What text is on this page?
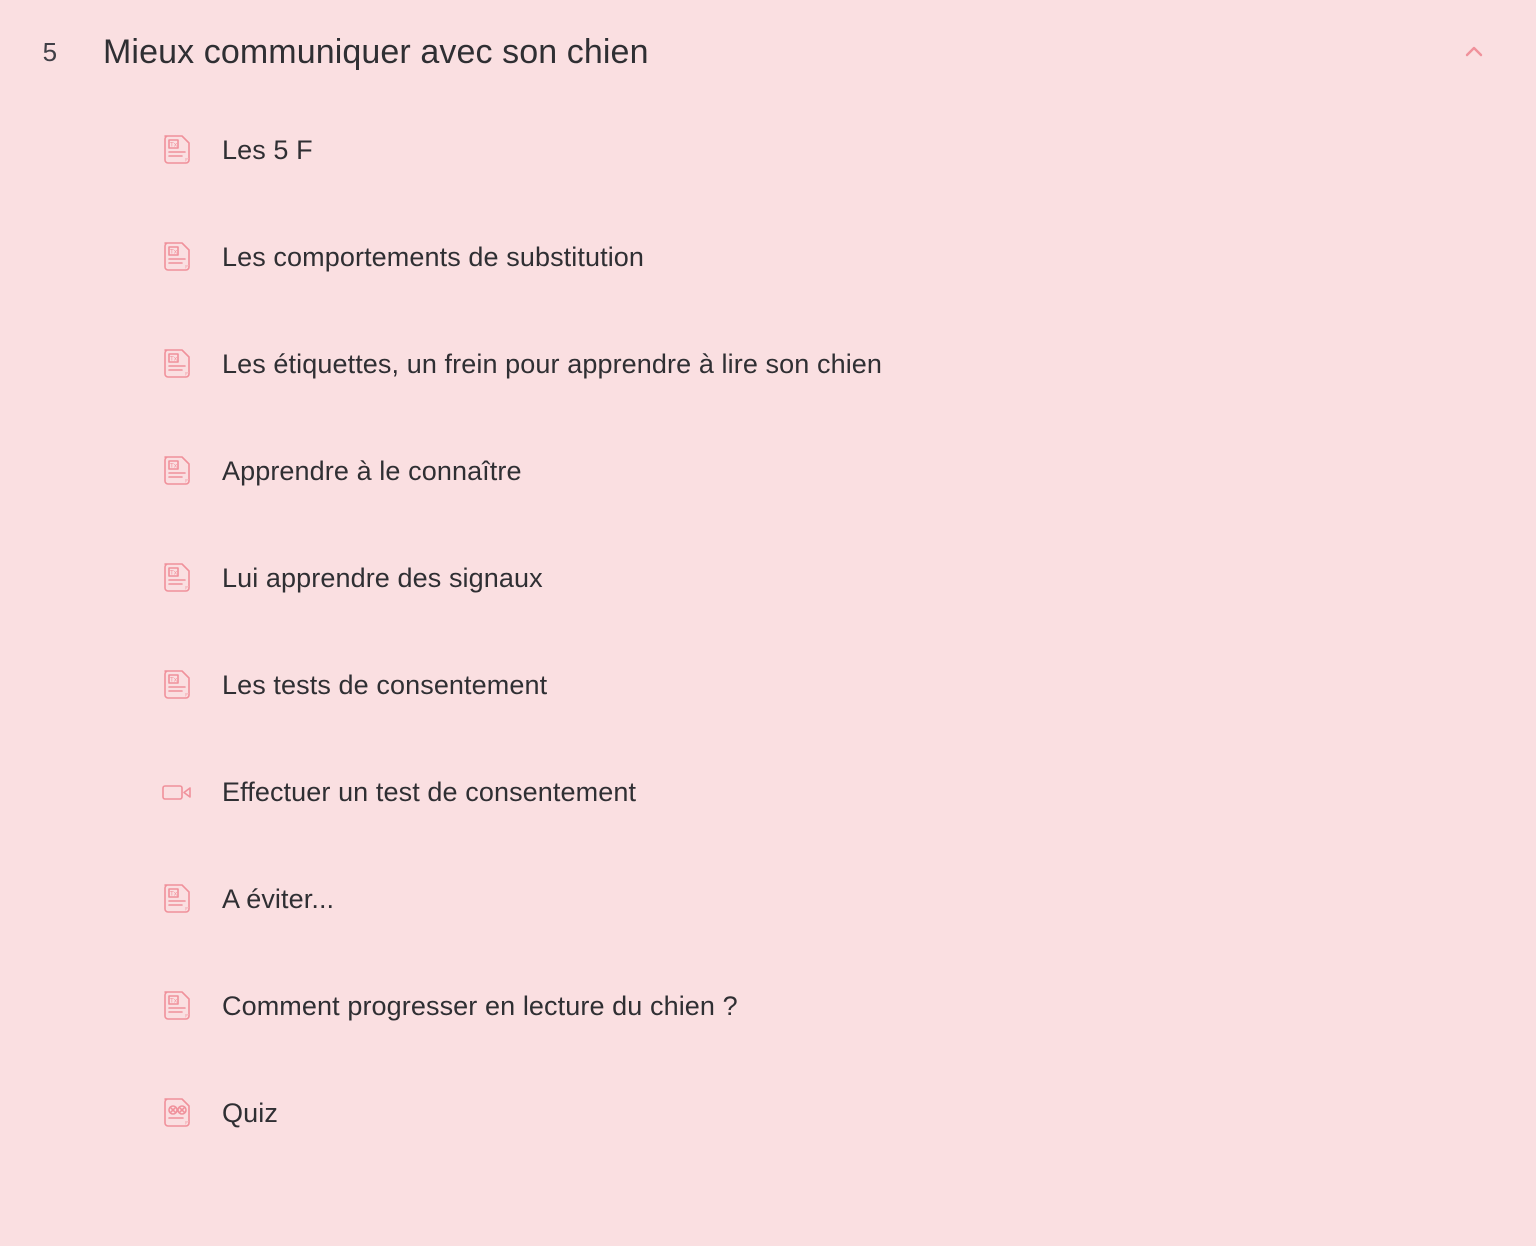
5	Mieux communiquer avec son chien
Tx Les 5 F
Tx Les comportements de substitution
Tx Les étiquettes, un frein pour apprendre à lire son chien
Tx Apprendre à le connaître
Tx Lui apprendre des signaux
Tx Les tests de consentement
Effectuer un test de consentement
Tx A éviter...
Tx Comment progresser en lecture du chien ?
Quiz
